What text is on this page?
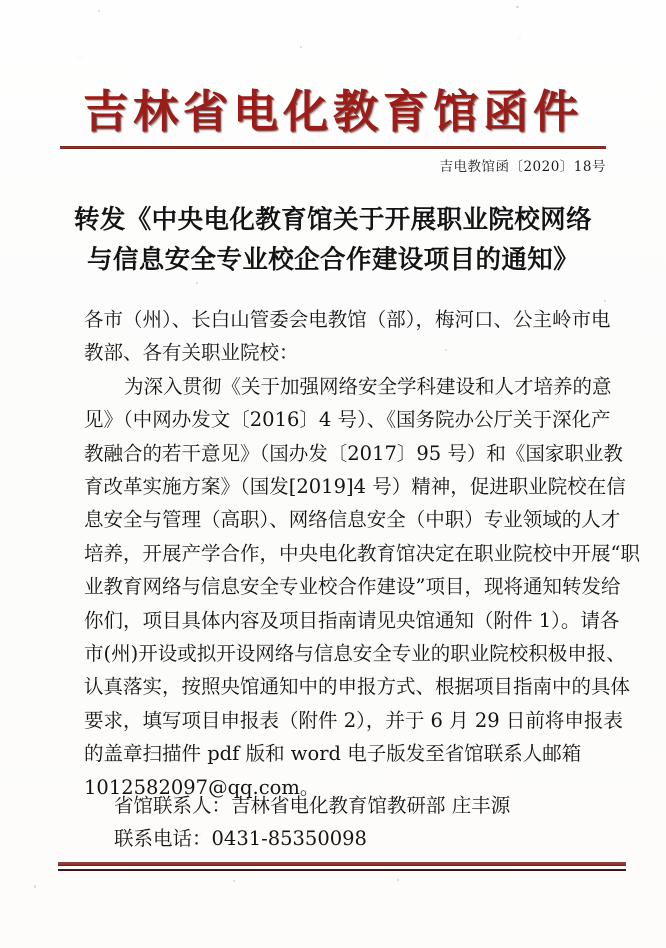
吉林省电化教育馆函件
吉电教馆函〔2020〕18号
转发《中央电化教育馆关于开展职业院校网络
与信息安全专业校企合作建设项目的通知》
各市（州）、长白山管委会电教馆（部），梅河口、公主岭市电
教部、各有关职业院校：
为深入贯彻《关于加强网络安全学科建设和人才培养的意
见》（中网办发文〔2016〕4 号）、《国务院办公厅关于深化产
教融合的若干意见》（国办发〔2017〕95 号）和《国家职业教
育改革实施方案》（国发[2019]4 号）精神，促进职业院校在信
息安全与管理（高职）、网络信息安全（中职）专业领域的人才
培养，开展产学合作，中央电化教育馆决定在职业院校中开展“职
业教育网络与信息安全专业校合作建设”项目，现将通知转发给
你们，项目具体内容及项目指南请见央馆通知（附件 1）。请各
市(州)开设或拟开设网络与信息安全专业的职业院校积极申报、
认真落实，按照央馆通知中的申报方式、根据项目指南中的具体
要求，填写项目申报表（附件 2），并于 6 月 29 日前将申报表
的盖章扫描件 pdf 版和 word 电子版发至省馆联系人邮箱
1012582097@qq.com。
省馆联系人：吉林省电化教育馆教研部 庄丰源
联系电话：0431-85350098
